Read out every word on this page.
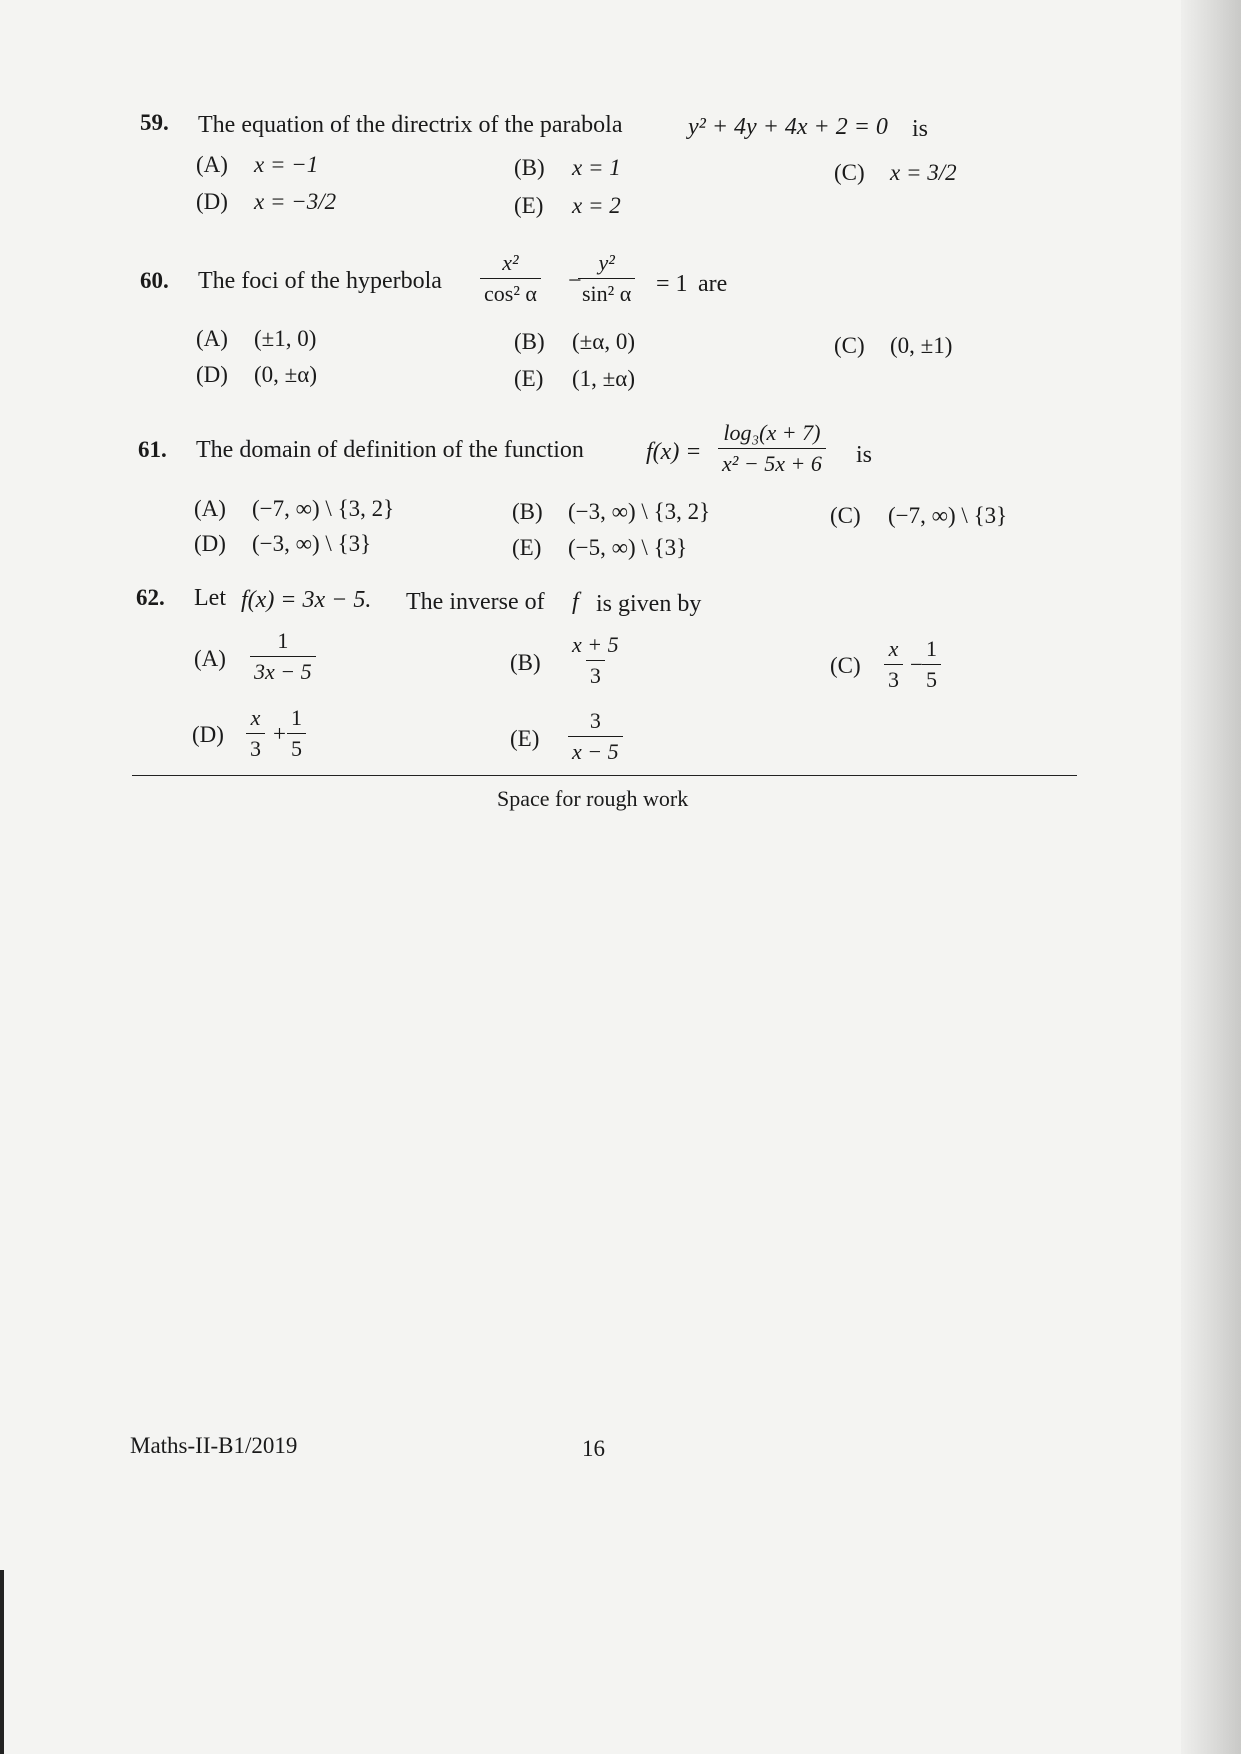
59. The equation of the directrix of the parabola	y² + 4y + 4x + 2 = 0 is
(A) x = −1	(B) x = 1	(C) x = 3/2
(D) x = −3/2	(E) x = 2
60. The foci of the hyperbola $\frac{\text{x²}}{\text{cos² α}}$ −
$\frac{\text{y²}}{\text{sin² α}} = 1$ are
(A) (±1, 0)	(B) (±α, 0)	(C) (0, ±1)
(D) (0, ±α)	(E) (1, ±α)
61. The domain of definition of the function	$f(x) = \frac{\text{log₃(x + 7)}}{\text{x² − 5x + 6}}$ is
(A) (−7, ∞) \ {3, 2}	(B) (−3, ∞) \ {3, 2}	(C) (−7, ∞) \ {3}
(D) (−3, ∞) \ {3}	(E) (−5, ∞) \ {3}
62. Let f(x) = 3x − 5. The inverse of f is given by
$(A) \frac{1}{3x - 5}$	$(B) \frac{x + 5}{3}$	$(C) \frac{x}{3} - \frac{1}{5}$
$(D) \frac{x}{3} + \frac{1}{5}$	$(E) \frac{3}{x - 5}$
Space for rough work
Maths-II-B1/2019	16
